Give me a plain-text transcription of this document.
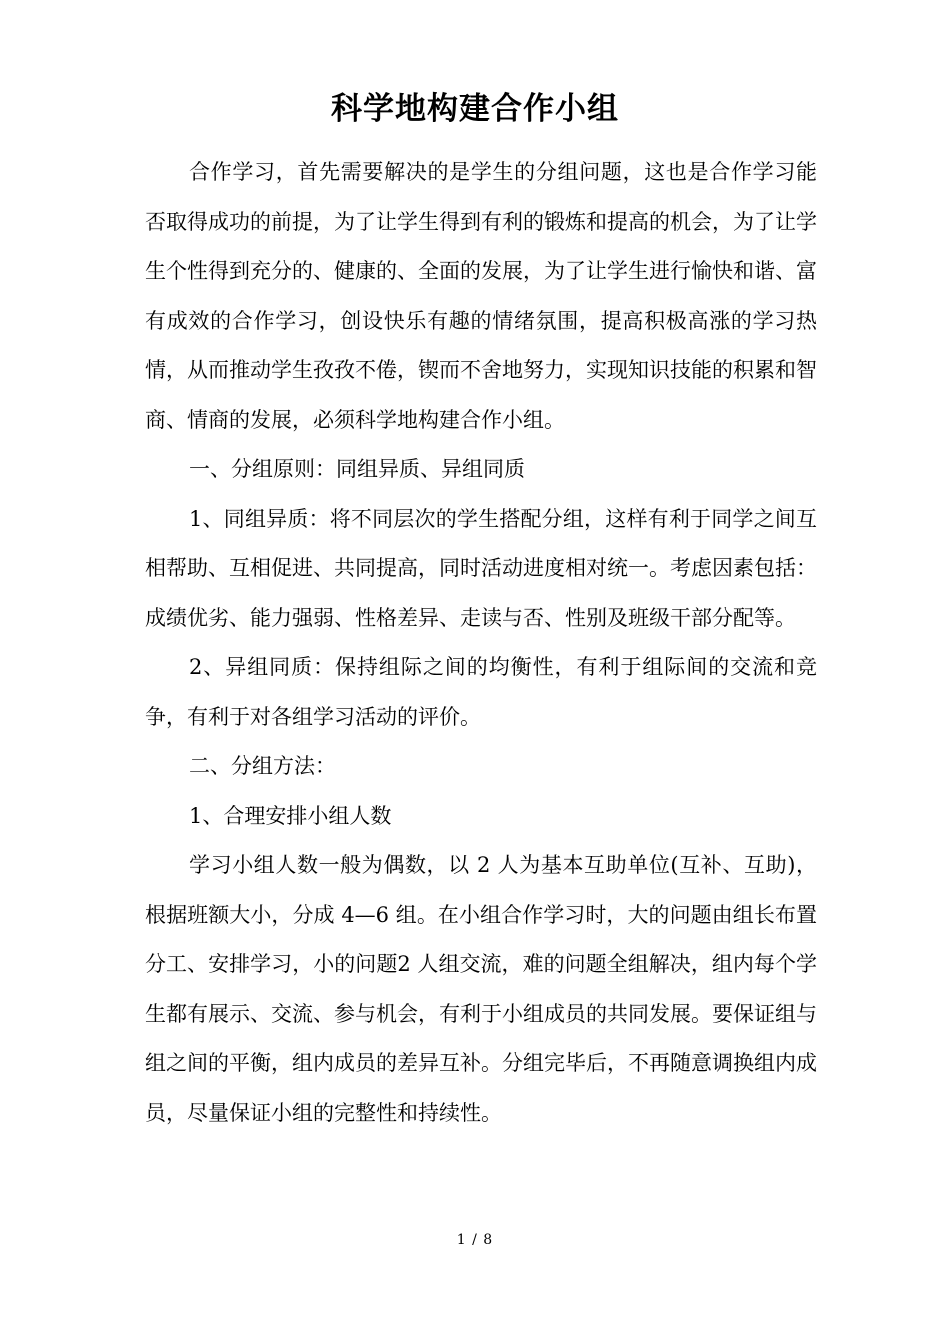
科学地构建合作小组

合作学习，首先需要解决的是学生的分组问题，这也是合作学习能否取得成功的前提，为了让学生得到有利的锻炼和提高的机会，为了让学生个性得到充分的、健康的、全面的发展，为了让学生进行愉快和谐、富有成效的合作学习，创设快乐有趣的情绪氛围，提高积极高涨的学习热情，从而推动学生孜孜不倦，锲而不舍地努力，实现知识技能的积累和智商、情商的发展，必须科学地构建合作小组。

一、分组原则：同组异质、异组同质

1、同组异质：将不同层次的学生搭配分组，这样有利于同学之间互相帮助、互相促进、共同提高，同时活动进度相对统一。考虑因素包括：成绩优劣、能力强弱、性格差异、走读与否、性别及班级干部分配等。

2、异组同质：保持组际之间的均衡性，有利于组际间的交流和竞争，有利于对各组学习活动的评价。

二、分组方法：

1、合理安排小组人数

学习小组人数一般为偶数，以 2 人为基本互助单位(互补、互助)，根据班额大小，分成 4—6 组。在小组合作学习时，大的问题由组长布置分工、安排学习，小的问题2 人组交流，难的问题全组解决，组内每个学生都有展示、交流、参与机会，有利于小组成员的共同发展。要保证组与组之间的平衡，组内成员的差异互补。分组完毕后，不再随意调换组内成员，尽量保证小组的完整性和持续性。

1 / 8
